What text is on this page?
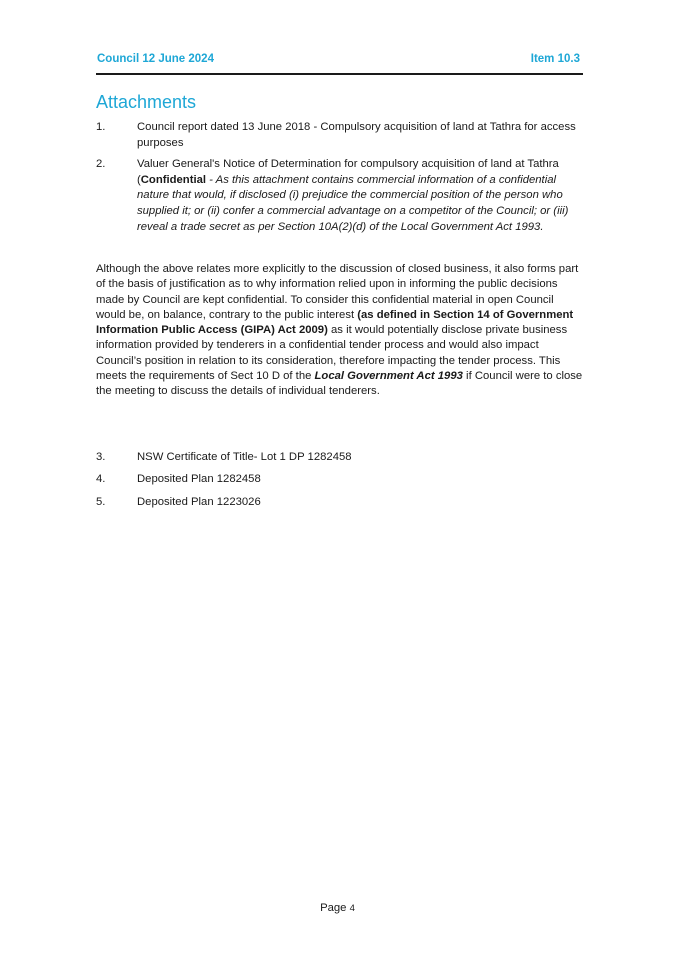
Council 12 June 2024	Item 10.3
Attachments
1.	Council report dated 13 June 2018 - Compulsory acquisition of land at Tathra for access purposes
2.	Valuer General's Notice of Determination for compulsory acquisition of land at Tathra (Confidential - As this attachment contains commercial information of a confidential nature that would, if disclosed (i) prejudice the commercial position of the person who supplied it; or (ii) confer a commercial advantage on a competitor of the Council; or (iii) reveal a trade secret as per Section 10A(2)(d) of the Local Government Act 1993.

Although the above relates more explicitly to the discussion of closed business, it also forms part of the basis of justification as to why information relied upon in informing the public decisions made by Council are kept confidential. To consider this confidential material in open Council would be, on balance, contrary to the public interest (as defined in Section 14 of Government Information Public Access (GIPA) Act 2009) as it would potentially disclose private business information provided by tenderers in a confidential tender process and would also impact Council’s position in relation to its consideration, therefore impacting the tender process. This meets the requirements of Sect 10 D of the Local Government Act 1993 if Council were to close the meeting to discuss the details of individual tenderers.

3.	NSW Certificate of Title- Lot 1 DP 1282458
4.	Deposited Plan 1282458
5.	Deposited Plan 1223026
Page 4
